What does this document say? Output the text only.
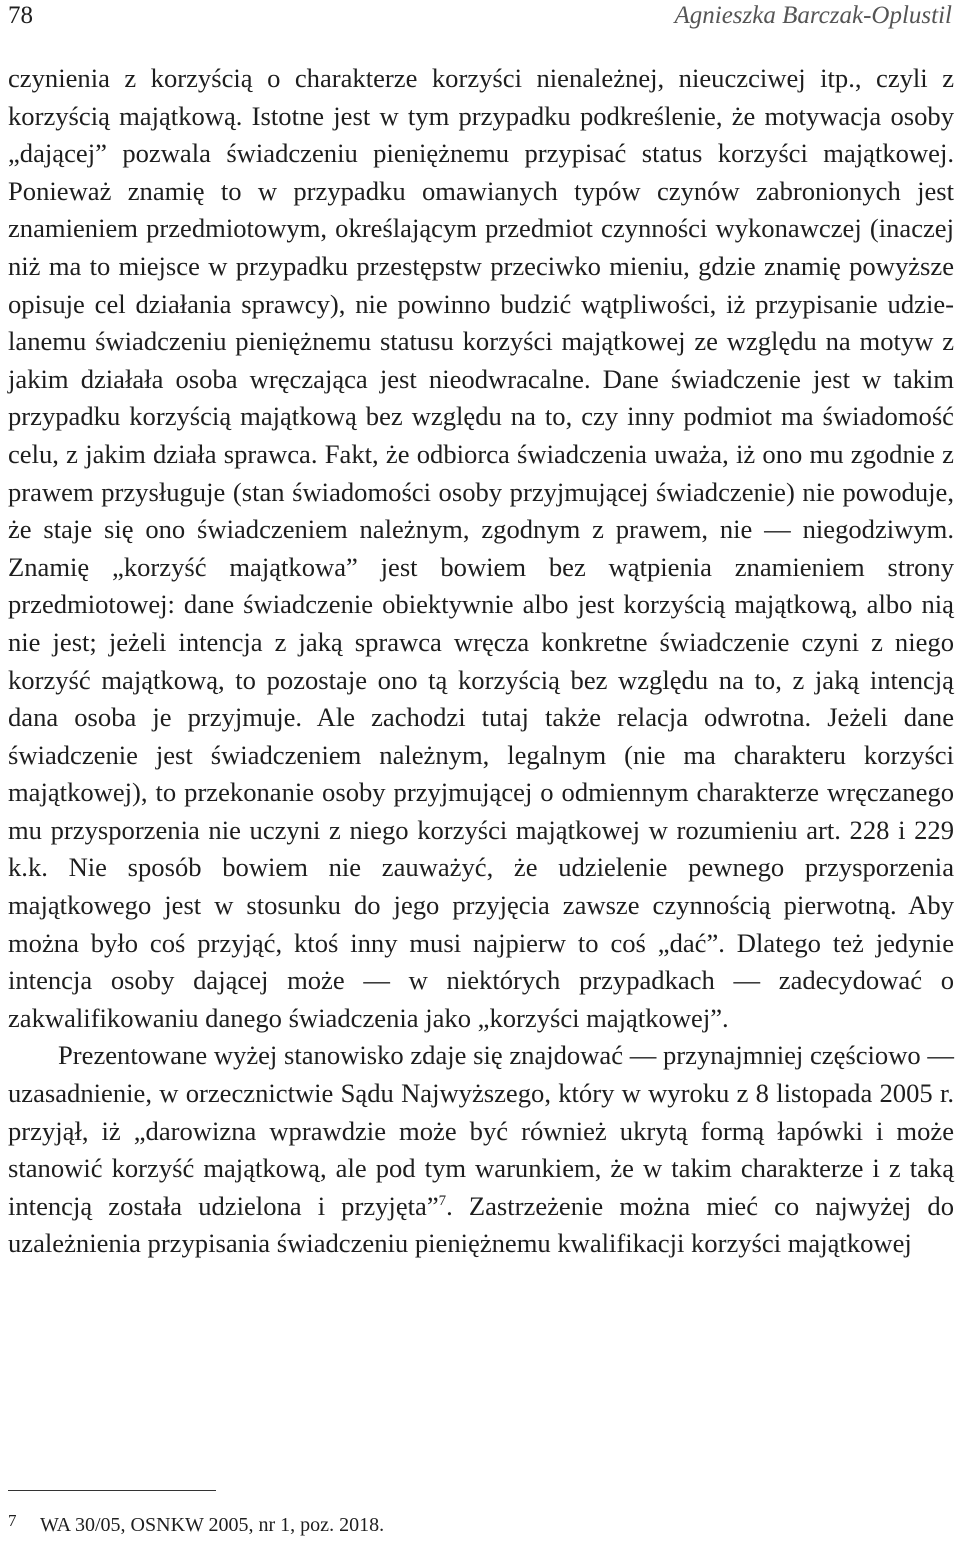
78	Agnieszka Barczak-Oplustil

czynienia z korzyścią o charakterze korzyści nienależnej, nieuczciwej itp., czyli z korzyścią majątkową. Istotne jest w tym przypadku podkreślenie, że motywacja osoby „dającej” pozwala świadczeniu pieniężnemu przypisać status korzyści majątkowej. Ponieważ znamię to w przypadku omawianych typów czynów zabronionych jest znamieniem przedmiotowym, określającym przedmiot czynności wykonawczej (inaczej niż ma to miejsce w przypadku przestępstw przeciwko mieniu, gdzie znamię powyższe opisuje cel działania sprawcy), nie powinno budzić wątpliwości, iż przypisanie udzielanemu świadczeniu pieniężnemu statusu korzyści majątkowej ze względu na motyw z jakim działała osoba wręczająca jest nieodwracalne. Dane świadczenie jest w takim przypadku korzyścią majątkową bez względu na to, czy inny podmiot ma świadomość celu, z jakim działa sprawca. Fakt, że odbiorca świadczenia uważa, iż ono mu zgodnie z prawem przysługuje (stan świadomości osoby przyjmującej świadczenie) nie powoduje, że staje się ono świadczeniem należnym, zgodnym z prawem, nie — niegodziwym. Znamię „korzyść majątkowa” jest bowiem bez wątpienia znamieniem strony przedmiotowej: dane świadczenie obiektywnie albo jest korzyścią majątkową, albo nią nie jest; jeżeli intencja z jaką sprawca wręcza konkretne świadczenie czyni z niego korzyść majątkową, to pozostaje ono tą korzyścią bez względu na to, z jaką intencją dana osoba je przyjmuje. Ale zachodzi tutaj także relacja odwrotna. Jeżeli dane świadczenie jest świadczeniem należnym, legalnym (nie ma charakteru korzyści majątkowej), to przekonanie osoby przyjmującej o odmiennym charakterze wręczanego mu przysporzenia nie uczyni z niego korzyści majątkowej w rozumieniu art. 228 i 229 k.k. Nie sposób bowiem nie zauważyć, że udzielenie pewnego przysporzenia majątkowego jest w stosunku do jego przyjęcia zawsze czynnością pierwotną. Aby można było coś przyjąć, ktoś inny musi najpierw to coś „dać”. Dlatego też jedynie intencja osoby dającej może — w niektórych przypadkach — zadecydować o zakwalifikowaniu danego świadczenia jako „korzyści majątkowej”.

Prezentowane wyżej stanowisko zdaje się znajdować — przynajmniej częściowo — uzasadnienie, w orzecznictwie Sądu Najwyższego, który w wyroku z 8 listopada 2005 r. przyjął, iż „darowizna wprawdzie może być również ukrytą formą łapówki i może stanowić korzyść majątkową, ale pod tym warunkiem, że w takim charakterze i z taką intencją została udzielona i przyjęta”$^7$. Zastrzeżenie można mieć co najwyżej do uzależnienia przypisania świadczeniu pieniężnemu kwalifikacji korzyści majątkowej

7 WA 30/05, OSNKW 2005, nr 1, poz. 2018.
